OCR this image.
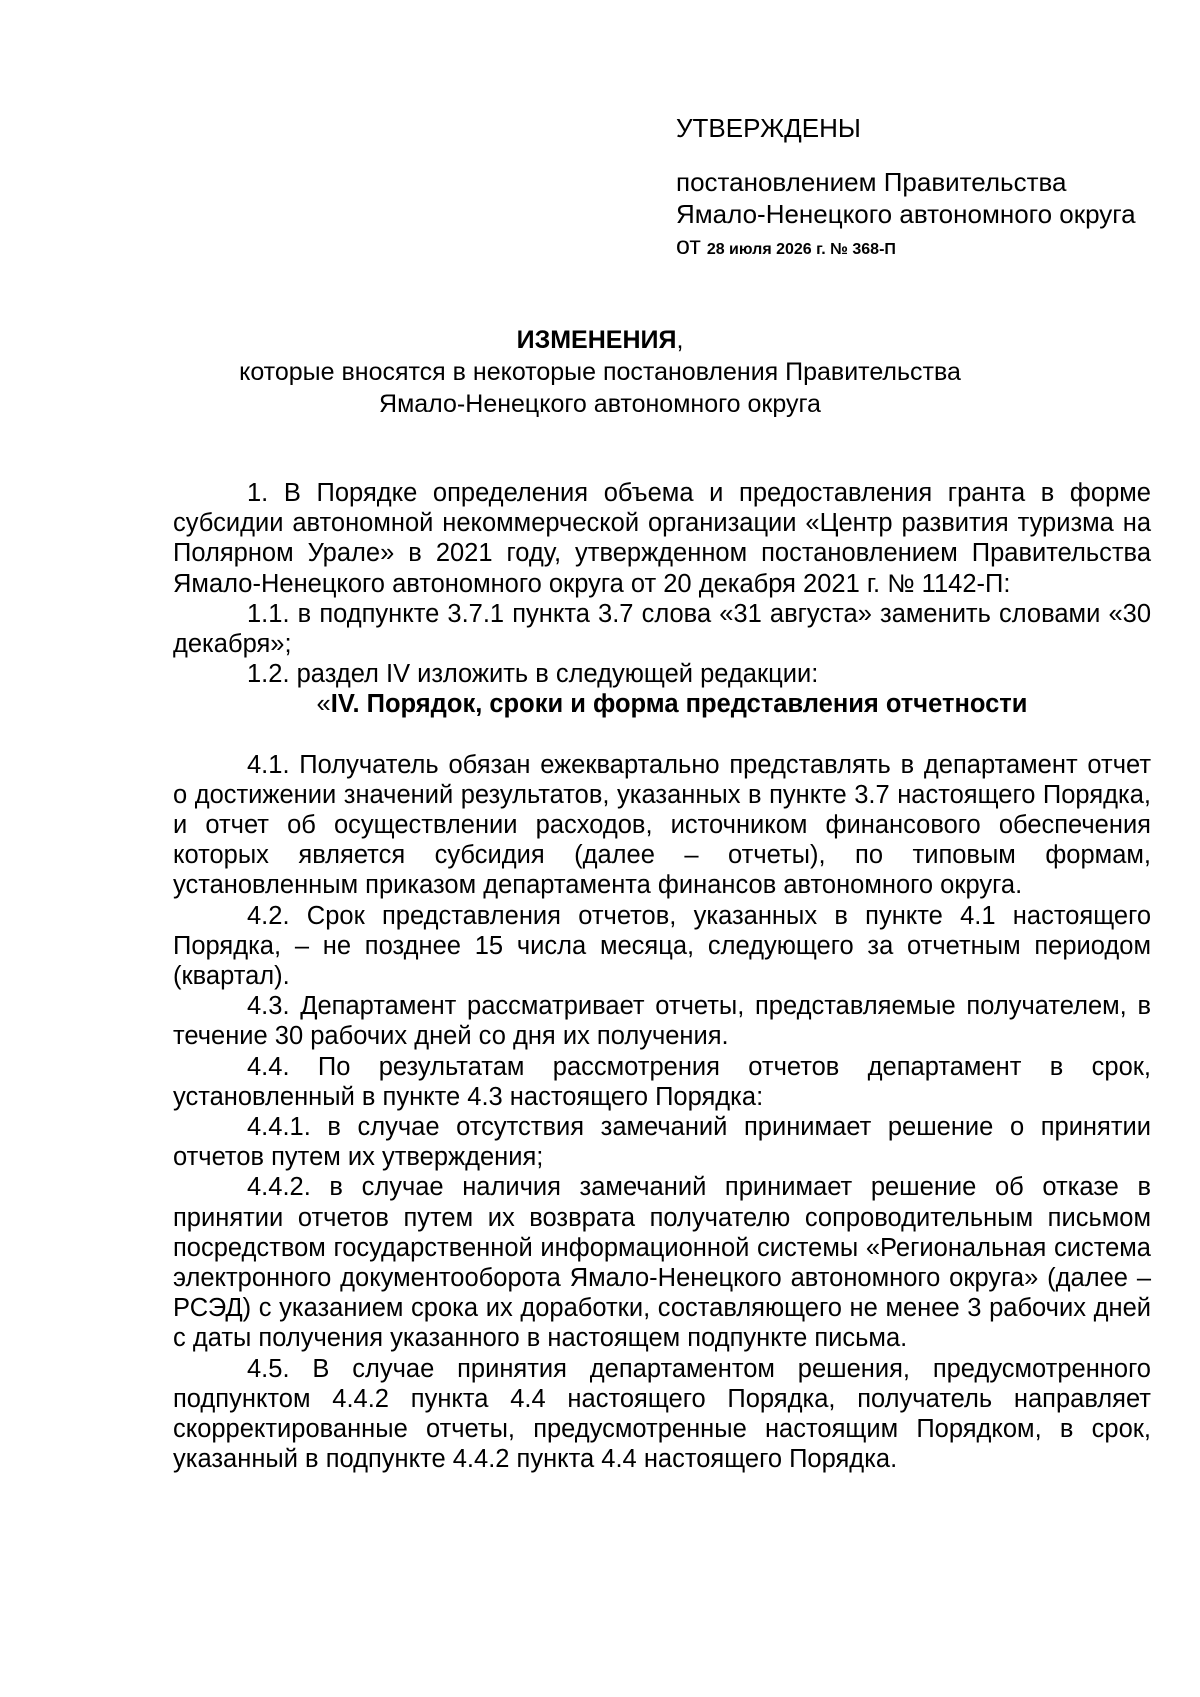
УТВЕРЖДЕНЫ

постановлением Правительства

Ямало-Ненецкого автономного округа

от 28 июля 2026 г. № 368-П

ИЗМЕНЕНИЯ,

которые вносятся в некоторые постановления Правительства

Ямало-Ненецкого автономного округа

1. В Порядке определения объема и предоставления гранта в форме субсидии автономной некоммерческой организации «Центр развития туризма на Полярном Урале» в 2021 году, утвержденном постановлением Правительства Ямало-Ненецкого автономного округа от 20 декабря 2021 г. № 1142-П:

1.1. в подпункте 3.7.1 пункта 3.7 слова «31 августа» заменить словами «30 декабря»;

1.2. раздел IV изложить в следующей редакции:

«IV. Порядок, сроки и форма представления отчетности

4.1. Получатель обязан ежеквартально представлять в департамент отчет о достижении значений результатов, указанных в пункте 3.7 настоящего Порядка, и отчет об осуществлении расходов, источником финансового обеспечения которых является субсидия (далее – отчеты), по типовым формам, установленным приказом департамента финансов автономного округа.

4.2. Срок представления отчетов, указанных в пункте 4.1 настоящего Порядка, – не позднее 15 числа месяца, следующего за отчетным периодом (квартал).

4.3. Департамент рассматривает отчеты, представляемые получателем, в течение 30 рабочих дней со дня их получения.

4.4. По результатам рассмотрения отчетов департамент в срок, установленный в пункте 4.3 настоящего Порядка:

4.4.1. в случае отсутствия замечаний принимает решение о принятии отчетов путем их утверждения;

4.4.2. в случае наличия замечаний принимает решение об отказе в принятии отчетов путем их возврата получателю сопроводительным письмом посредством государственной информационной системы «Региональная система электронного документооборота Ямало-Ненецкого автономного округа» (далее – РСЭД) с указанием срока их доработки, составляющего не менее 3 рабочих дней с даты получения указанного в настоящем подпункте письма.

4.5. В случае принятия департаментом решения, предусмотренного подпунктом 4.4.2 пункта 4.4 настоящего Порядка, получатель направляет скорректированные отчеты, предусмотренные настоящим Порядком, в срок, указанный в подпункте 4.4.2 пункта 4.4 настоящего Порядка.
